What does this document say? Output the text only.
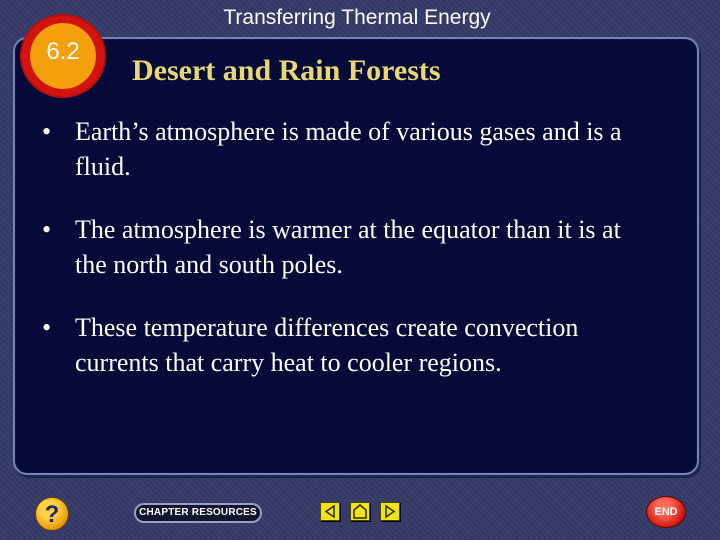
Transferring Thermal Energy
6.2
Desert and Rain Forests
• Earth’s atmosphere is made of various gases and is a fluid.
• The atmosphere is warmer at the equator than it is at the north and south poles.
• These temperature differences create convection currents that carry heat to cooler regions.
?	CHAPTER RESOURCES	END
